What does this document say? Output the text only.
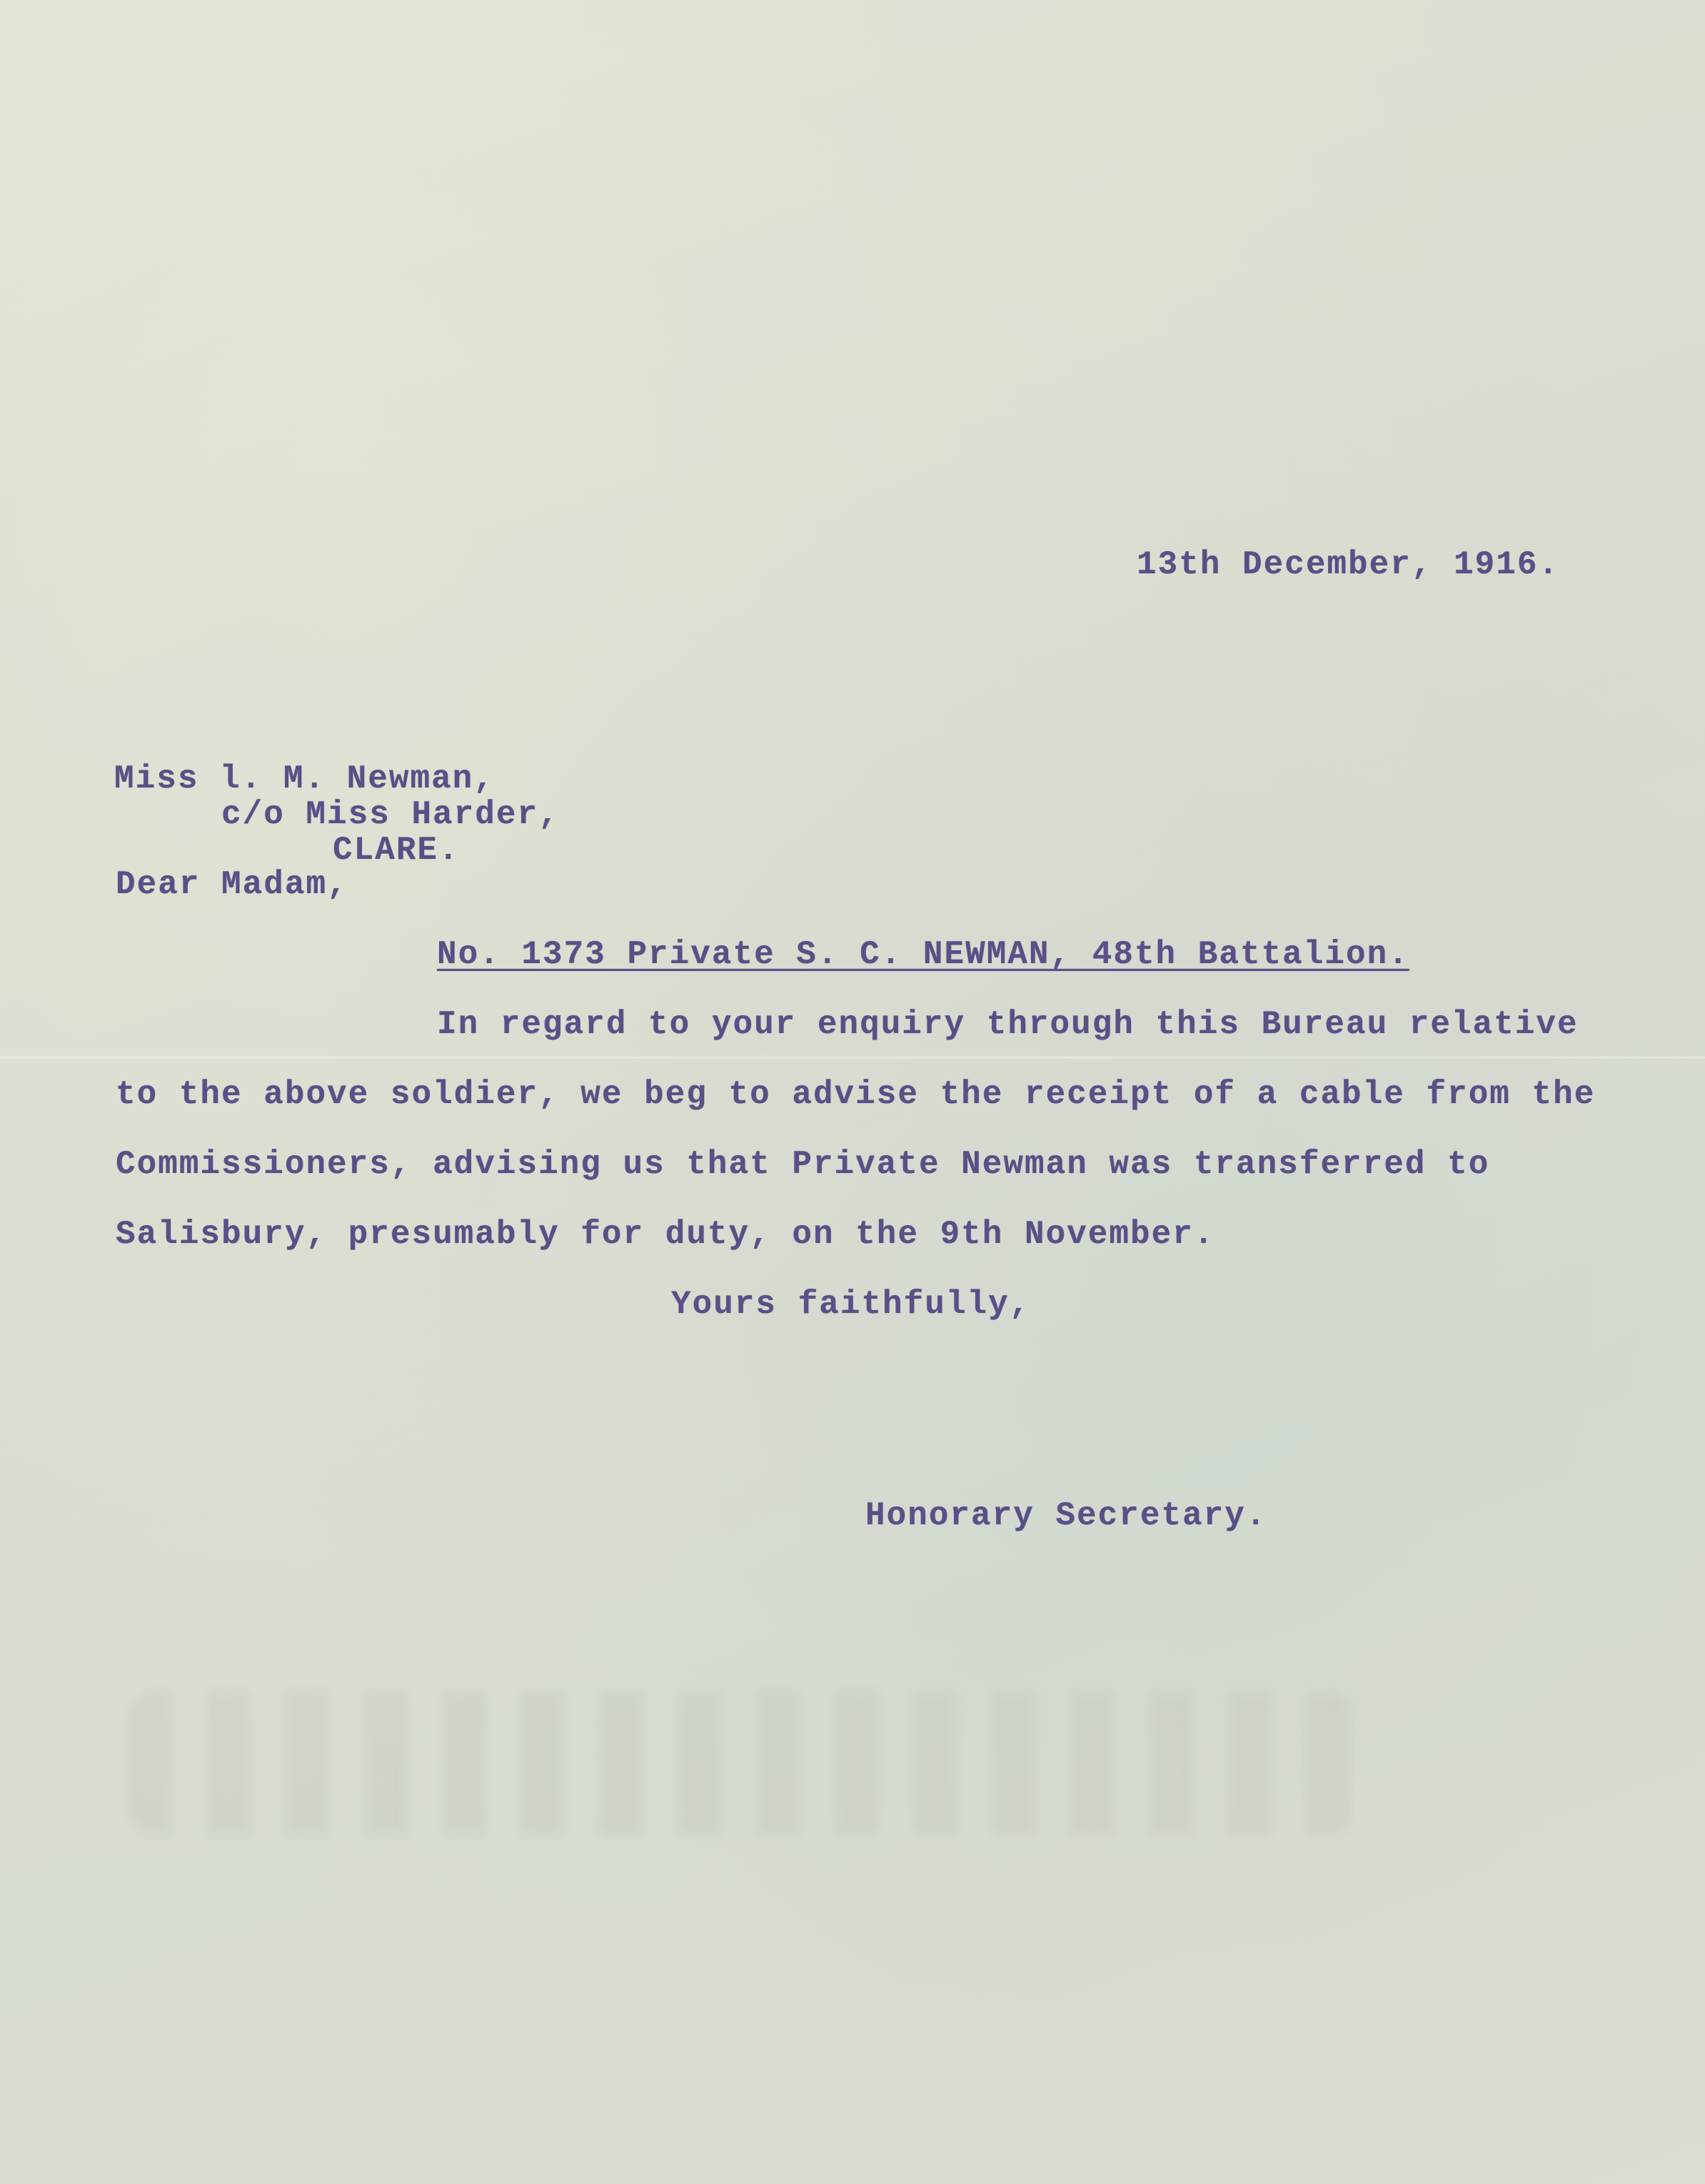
13th December, 1916.
Miss l. M. Newman,
c/o Miss Harder,
CLARE.
Dear Madam,
No. 1373 Private S. C. NEWMAN, 48th Battalion.
In regard to your enquiry through this Bureau relative
to the above soldier, we beg to advise the receipt of a cable from the
Commissioners, advising us that Private Newman was transferred to
Salisbury, presumably for duty, on the 9th November.
Yours faithfully,
Honorary Secretary.
